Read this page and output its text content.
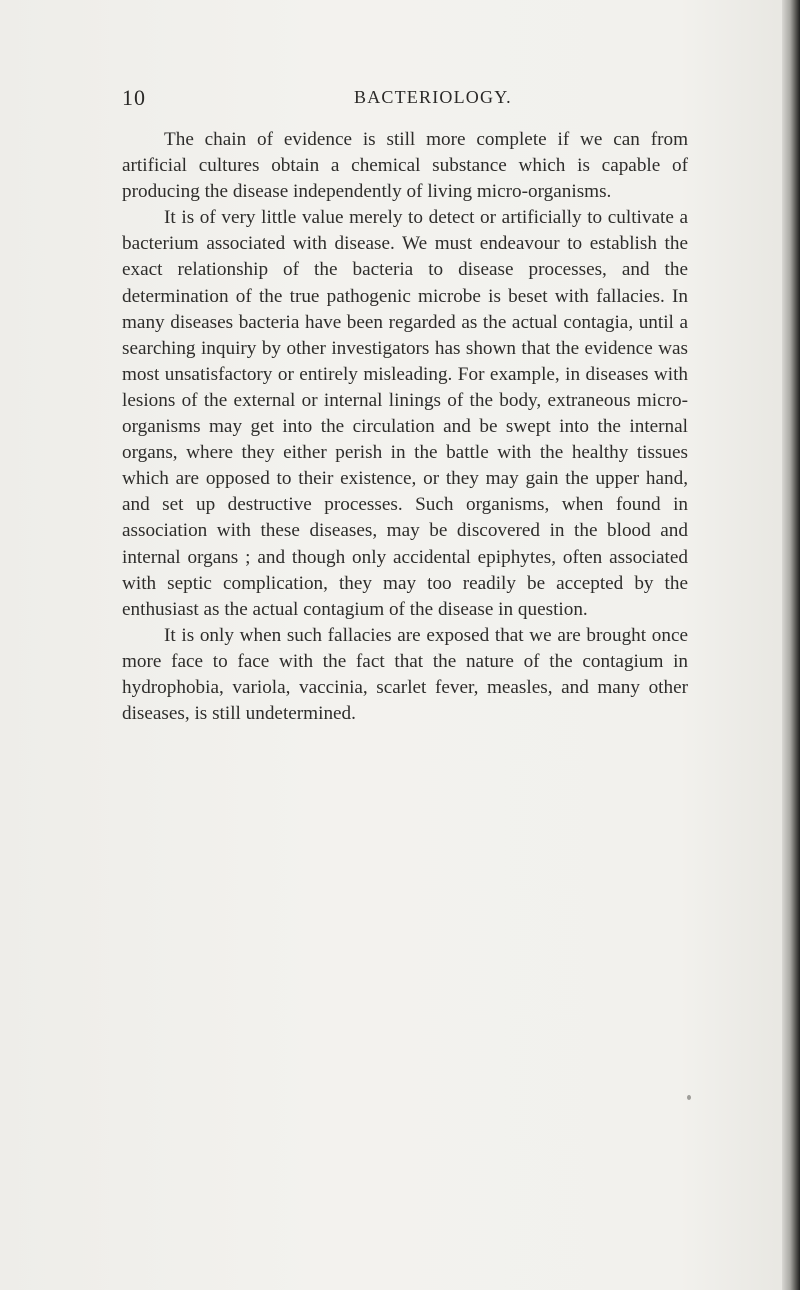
10	BACTERIOLOGY.

The chain of evidence is still more complete if we can from artificial cultures obtain a chemical substance which is capable of producing the disease independently of living micro-organisms.

It is of very little value merely to detect or artificially to cultivate a bacterium associated with disease. We must endeavour to establish the exact relationship of the bacteria to disease processes, and the determination of the true pathogenic microbe is beset with fallacies. In many diseases bacteria have been regarded as the actual contagia, until a searching inquiry by other investigators has shown that the evidence was most unsatisfactory or entirely misleading. For example, in diseases with lesions of the external or internal linings of the body, extraneous micro-organisms may get into the circulation and be swept into the internal organs, where they either perish in the battle with the healthy tissues which are opposed to their existence, or they may gain the upper hand, and set up destructive processes. Such organisms, when found in association with these diseases, may be discovered in the blood and internal organs ; and though only accidental epiphytes, often associated with septic complication, they may too readily be accepted by the enthusiast as the actual contagium of the disease in question.

It is only when such fallacies are exposed that we are brought once more face to face with the fact that the nature of the contagium in hydrophobia, variola, vaccinia, scarlet fever, measles, and many other diseases, is still undetermined.
